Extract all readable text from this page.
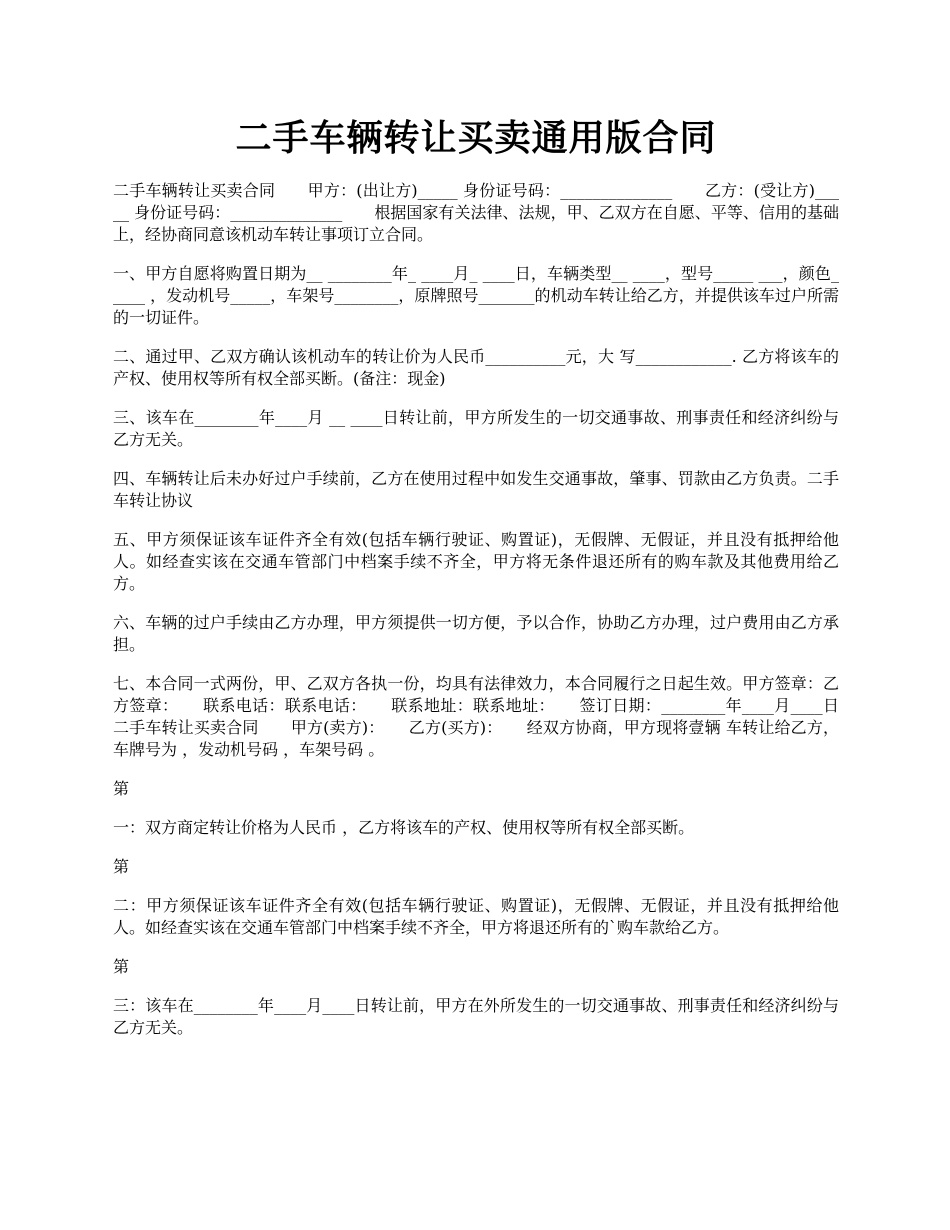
二手车辆转让买卖通用版合同

二手车辆转让买卖合同　　甲方：(出让方)_____ 身份证号码：______________　　乙方：(受让方)_____ 身份证号码：______________　　根据国家有关法律、法规，甲、乙双方在自愿、平等、信用的基础上，经协商同意该机动车转让事项订立合同。

一、甲方自愿将购置日期为__ ________年_ ____月_ ____日，车辆类型__ ____，型号_____ ___，颜色_____ ，发动机号_____，车架号________，原牌照号_______的机动车转让给乙方，并提供该车过户所需的一切证件。

二、通过甲、乙双方确认该机动车的转让价为人民币__________元，大 写____________. 乙方将该车的产权、使用权等所有权全部买断。(备注：现金)

三、该车在________年____月 __ ____日转让前，甲方所发生的一切交通事故、刑事责任和经济纠纷与乙方无关。

四、车辆转让后未办好过户手续前，乙方在使用过程中如发生交通事故，肇事、罚款由乙方负责。二手车转让协议

五、甲方须保证该车证件齐全有效(包括车辆行驶证、购置证)，无假牌、无假证，并且没有抵押给他人。如经查实该在交通车管部门中档案手续不齐全，甲方将无条件退还所有的购车款及其他费用给乙方。

六、车辆的过户手续由乙方办理，甲方须提供一切方便，予以合作，协助乙方办理，过户费用由乙方承担。

七、本合同一式两份，甲、乙双方各执一份，均具有法律效力，本合同履行之日起生效。甲方签章：乙方签章：　　联系电话：联系电话：　　联系地址：联系地址：　　签订日期：________年____月____日　　二手车转让买卖合同　　甲方(卖方)：　　乙方(买方)：　　经双方协商，甲方现将壹辆 车转让给乙方，车牌号为 ，发动机号码 ，车架号码 。

第

一：双方商定转让价格为人民币 ，乙方将该车的产权、使用权等所有权全部买断。

第

二：甲方须保证该车证件齐全有效(包括车辆行驶证、购置证)，无假牌、无假证，并且没有抵押给他人。如经查实该在交通车管部门中档案手续不齐全，甲方将退还所有的`购车款给乙方。

第

三：该车在________年____月____日转让前，甲方在外所发生的一切交通事故、刑事责任和经济纠纷与乙方无关。
